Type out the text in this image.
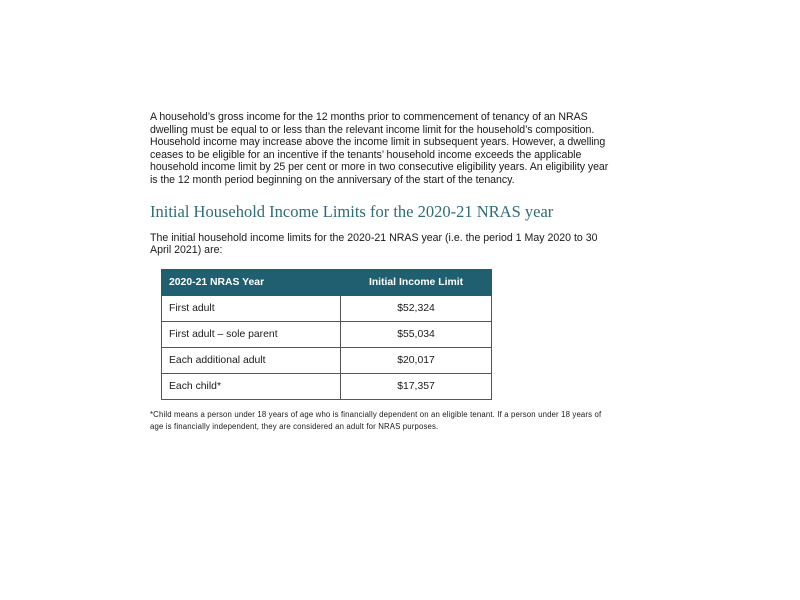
A household’s gross income for the 12 months prior to commencement of tenancy of an NRAS dwelling must be equal to or less than the relevant income limit for the household’s composition. Household income may increase above the income limit in subsequent years. However, a dwelling ceases to be eligible for an incentive if the tenants’ household income exceeds the applicable household income limit by 25 per cent or more in two consecutive eligibility years. An eligibility year is the 12 month period beginning on the anniversary of the start of the tenancy.

Initial Household Income Limits for the 2020-21 NRAS year

The initial household income limits for the 2020-21 NRAS year (i.e. the period 1 May 2020 to 30 April 2021) are:

2020-21 NRAS Year	Initial Income Limit
First adult	$52,324
First adult – sole parent	$55,034
Each additional adult	$20,017
Each child*	$17,357

*Child means a person under 18 years of age who is financially dependent on an eligible tenant. If a person under 18 years of age is financially independent, they are considered an adult for NRAS purposes.
